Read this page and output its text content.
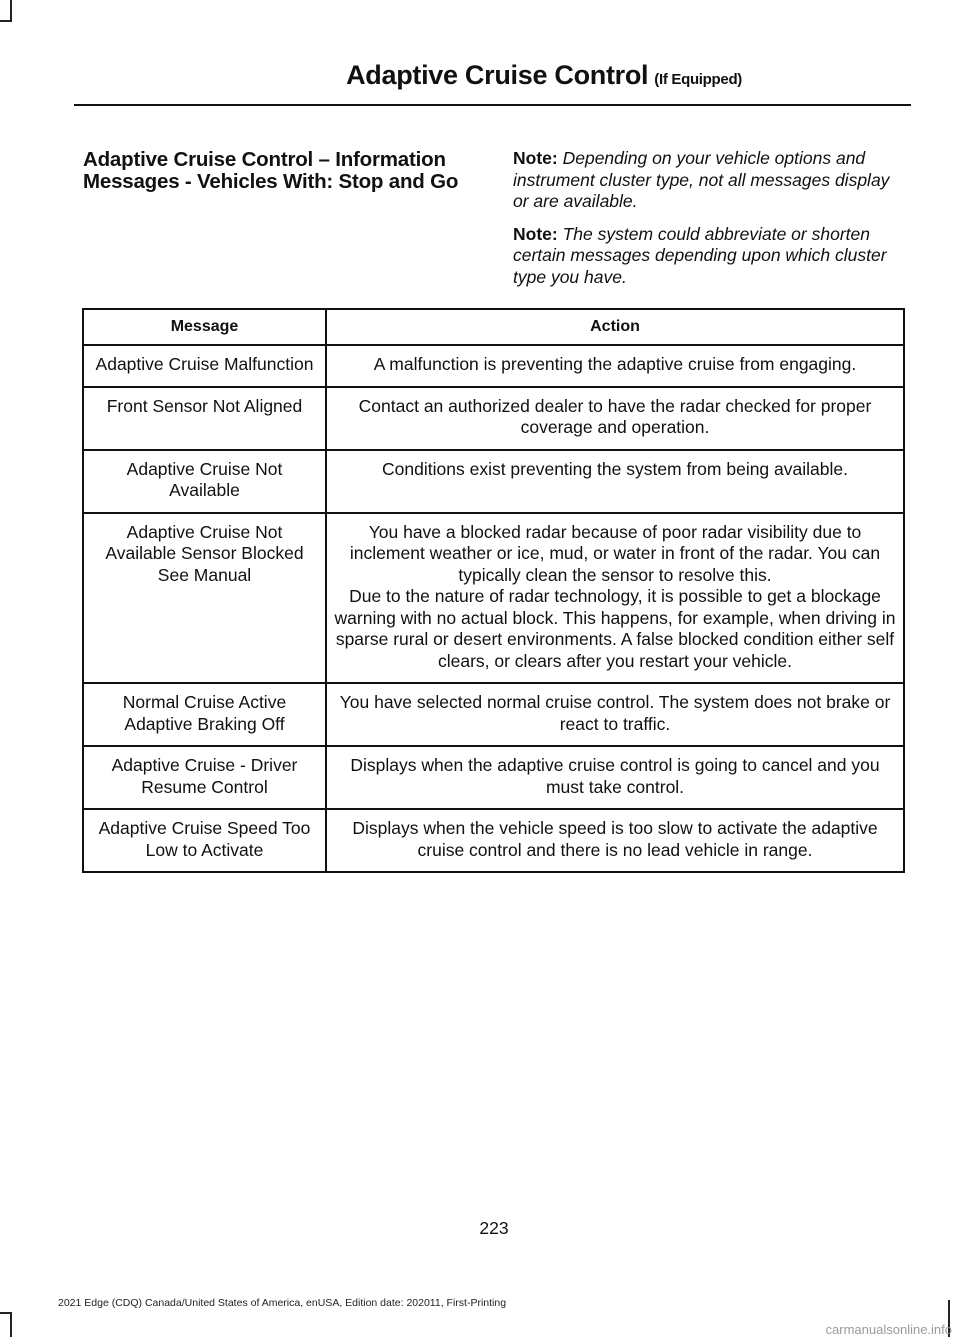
Adaptive Cruise Control (If Equipped)
Adaptive Cruise Control – Information Messages - Vehicles With: Stop and Go

Note: Depending on your vehicle options and instrument cluster type, not all messages display or are available.

Note: The system could abbreviate or shorten certain messages depending upon which cluster type you have.

Message	Action
Adaptive Cruise Malfunction	A malfunction is preventing the adaptive cruise from engaging.

Front Sensor Not Aligned	Contact an authorized dealer to have the radar checked for proper coverage and operation.

Adaptive Cruise Not Available	Conditions exist preventing the system from being available.

Adaptive Cruise Not Available Sensor Blocked See Manual	You have a blocked radar because of poor radar visibility due to inclement weather or ice, mud, or water in front of the radar. You can typically clean the sensor to resolve this.
Due to the nature of radar technology, it is possible to get a blockage warning with no actual block. This happens, for example, when driving in sparse rural or desert environments. A false blocked condition either self clears, or clears after you restart your vehicle.

Normal Cruise Active Adaptive Braking Off	You have selected normal cruise control. The system does not brake or react to traffic.

Adaptive Cruise - Driver Resume Control	Displays when the adaptive cruise control is going to cancel and you must take control.

Adaptive Cruise Speed Too Low to Activate	Displays when the vehicle speed is too slow to activate the adaptive cruise control and there is no lead vehicle in range.
223
2021 Edge (CDQ) Canada/United States of America, enUSA, Edition date: 202011, First-Printing
carmanualsonline.info
